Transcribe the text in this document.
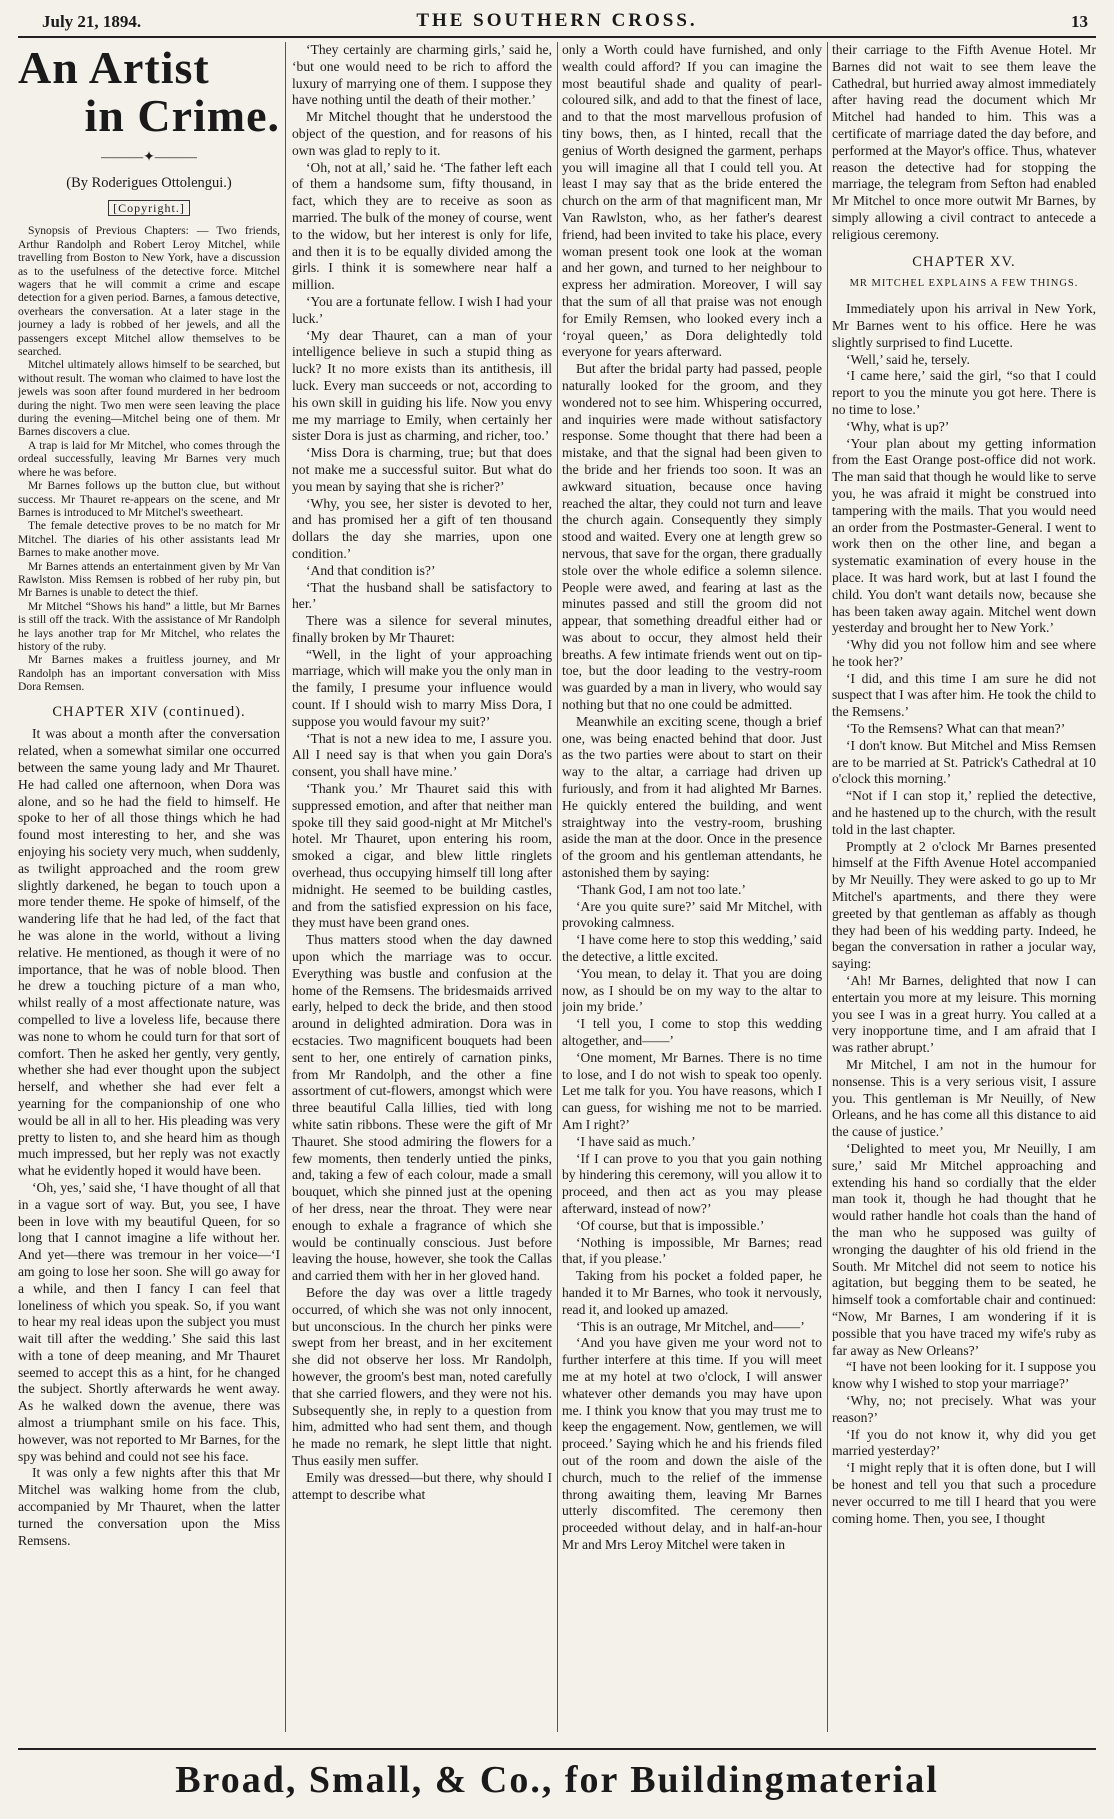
July 21, 1894.	THE SOUTHERN CROSS.	13
An Artist
in Crime.
———✦———
(By Roderigues Ottolengui.)
[Copyright.]

Synopsis of Previous Chapters: — Two friends, Arthur Randolph and Robert Leroy Mitchel, while travelling from Boston to New York, have a discussion as to the usefulness of the detective force. Mitchel wagers that he will commit a crime and escape detection for a given period. Barnes, a famous detective, overhears the conversation. At a later stage in the journey a lady is robbed of her jewels, and all the passengers except Mitchel allow themselves to be searched.

Mitchel ultimately allows himself to be searched, but without result. The woman who claimed to have lost the jewels was soon after found murdered in her bedroom during the night. Two men were seen leaving the place during the evening—Mitchel being one of them. Mr Barnes discovers a clue.

A trap is laid for Mr Mitchel, who comes through the ordeal successfully, leaving Mr Barnes very much where he was before.

Mr Barnes follows up the button clue, but without success. Mr Thauret re-appears on the scene, and Mr Barnes is introduced to Mr Mitchel's sweetheart.

The female detective proves to be no match for Mr Mitchel. The diaries of his other assistants lead Mr Barnes to make another move.

Mr Barnes attends an entertainment given by Mr Van Rawlston. Miss Remsen is robbed of her ruby pin, but Mr Barnes is unable to detect the thief.

Mr Mitchel “Shows his hand” a little, but Mr Barnes is still off the track. With the assistance of Mr Randolph he lays another trap for Mr Mitchel, who relates the history of the ruby.

Mr Barnes makes a fruitless journey, and Mr Randolph has an important conversation with Miss Dora Remsen.

CHAPTER XIV (continued).

It was about a month after the conversation related, when a somewhat similar one occurred between the same young lady and Mr Thauret. He had called one afternoon, when Dora was alone, and so he had the field to himself. He spoke to her of all those things which he had found most interesting to her, and she was enjoying his society very much, when suddenly, as twilight approached and the room grew slightly darkened, he began to touch upon a more tender theme. He spoke of himself, of the wandering life that he had led, of the fact that he was alone in the world, without a living relative. He mentioned, as though it were of no importance, that he was of noble blood. Then he drew a touching picture of a man who, whilst really of a most affectionate nature, was compelled to live a loveless life, because there was none to whom he could turn for that sort of comfort. Then he asked her gently, very gently, whether she had ever thought upon the subject herself, and whether she had ever felt a yearning for the companionship of one who would be all in all to her. His pleading was very pretty to listen to, and she heard him as though much impressed, but her reply was not exactly what he evidently hoped it would have been.

‘Oh, yes,’ said she, ‘I have thought of all that in a vague sort of way. But, you see, I have been in love with my beautiful Queen, for so long that I cannot imagine a life without her. And yet—there was tremour in her voice—‘I am going to lose her soon. She will go away for a while, and then I fancy I can feel that loneliness of which you speak. So, if you want to hear my real ideas upon the subject you must wait till after the wedding.’ She said this last with a tone of deep meaning, and Mr Thauret seemed to accept this as a hint, for he changed the subject. Shortly afterwards he went away. As he walked down the avenue, there was almost a triumphant smile on his face. This, however, was not reported to Mr Barnes, for the spy was behind and could not see his face.

It was only a few nights after this that Mr Mitchel was walking home from the club, accompanied by Mr Thauret, when the latter turned the conversation upon the Miss Remsens.

‘They certainly are charming girls,’ said he, ‘but one would need to be rich to afford the luxury of marrying one of them. I suppose they have nothing until the death of their mother.’

Mr Mitchel thought that he understood the object of the question, and for reasons of his own was glad to reply to it.

‘Oh, not at all,’ said he. ‘The father left each of them a handsome sum, fifty thousand, in fact, which they are to receive as soon as married. The bulk of the money of course, went to the widow, but her interest is only for life, and then it is to be equally divided among the girls. I think it is somewhere near half a million.

‘You are a fortunate fellow. I wish I had your luck.’

‘My dear Thauret, can a man of your intelligence believe in such a stupid thing as luck? It no more exists than its antithesis, ill luck. Every man succeeds or not, according to his own skill in guiding his life. Now you envy me my marriage to Emily, when certainly her sister Dora is just as charming, and richer, too.’

‘Miss Dora is charming, true; but that does not make me a successful suitor. But what do you mean by saying that she is richer?’

‘Why, you see, her sister is devoted to her, and has promised her a gift of ten thousand dollars the day she marries, upon one condition.’

‘And that condition is?’

‘That the husband shall be satisfactory to her.’

There was a silence for several minutes, finally broken by Mr Thauret:

“Well, in the light of your approaching marriage, which will make you the only man in the family, I presume your influence would count. If I should wish to marry Miss Dora, I suppose you would favour my suit?’

‘That is not a new idea to me, I assure you. All I need say is that when you gain Dora's consent, you shall have mine.’

‘Thank you.’ Mr Thauret said this with suppressed emotion, and after that neither man spoke till they said good-night at Mr Mitchel's hotel. Mr Thauret, upon entering his room, smoked a cigar, and blew little ringlets overhead, thus occupying himself till long after midnight. He seemed to be building castles, and from the satisfied expression on his face, they must have been grand ones.

Thus matters stood when the day dawned upon which the marriage was to occur. Everything was bustle and confusion at the home of the Remsens. The bridesmaids arrived early, helped to deck the bride, and then stood around in delighted admiration. Dora was in ecstacies. Two magnificent bouquets had been sent to her, one entirely of carnation pinks, from Mr Randolph, and the other a fine assortment of cut-flowers, amongst which were three beautiful Calla lillies, tied with long white satin ribbons. These were the gift of Mr Thauret. She stood admiring the flowers for a few moments, then tenderly untied the pinks, and, taking a few of each colour, made a small bouquet, which she pinned just at the opening of her dress, near the throat. They were near enough to exhale a fragrance of which she would be continually conscious. Just before leaving the house, however, she took the Callas and carried them with her in her gloved hand.

Before the day was over a little tragedy occurred, of which she was not only innocent, but unconscious. In the church her pinks were swept from her breast, and in her excitement she did not observe her loss. Mr Randolph, however, the groom's best man, noted carefully that she carried flowers, and they were not his. Subsequently she, in reply to a question from him, admitted who had sent them, and though he made no remark, he slept little that night. Thus easily men suffer.

Emily was dressed—but there, why should I attempt to describe what

only a Worth could have furnished, and only wealth could afford? If you can imagine the most beautiful shade and quality of pearl-coloured silk, and add to that the finest of lace, and to that the most marvellous profusion of tiny bows, then, as I hinted, recall that the genius of Worth designed the garment, perhaps you will imagine all that I could tell you. At least I may say that as the bride entered the church on the arm of that magnificent man, Mr Van Rawlston, who, as her father's dearest friend, had been invited to take his place, every woman present took one look at the woman and her gown, and turned to her neighbour to express her admiration. Moreover, I will say that the sum of all that praise was not enough for Emily Remsen, who looked every inch a ‘royal queen,’ as Dora delightedly told everyone for years afterward.

But after the bridal party had passed, people naturally looked for the groom, and they wondered not to see him. Whispering occurred, and inquiries were made without satisfactory response. Some thought that there had been a mistake, and that the signal had been given to the bride and her friends too soon. It was an awkward situation, because once having reached the altar, they could not turn and leave the church again. Consequently they simply stood and waited. Every one at length grew so nervous, that save for the organ, there gradually stole over the whole edifice a solemn silence. People were awed, and fearing at last as the minutes passed and still the groom did not appear, that something dreadful either had or was about to occur, they almost held their breaths. A few intimate friends went out on tip-toe, but the door leading to the vestry-room was guarded by a man in livery, who would say nothing but that no one could be admitted.

Meanwhile an exciting scene, though a brief one, was being enacted behind that door. Just as the two parties were about to start on their way to the altar, a carriage had driven up furiously, and from it had alighted Mr Barnes. He quickly entered the building, and went straightway into the vestry-room, brushing aside the man at the door. Once in the presence of the groom and his gentleman attendants, he astonished them by saying:

‘Thank God, I am not too late.’

‘Are you quite sure?’ said Mr Mitchel, with provoking calmness.

‘I have come here to stop this wedding,’ said the detective, a little excited.

‘You mean, to delay it. That you are doing now, as I should be on my way to the altar to join my bride.’

‘I tell you, I come to stop this wedding altogether, and——’

‘One moment, Mr Barnes. There is no time to lose, and I do not wish to speak too openly. Let me talk for you. You have reasons, which I can guess, for wishing me not to be married. Am I right?’

‘I have said as much.’

‘If I can prove to you that you gain nothing by hindering this ceremony, will you allow it to proceed, and then act as you may please afterward, instead of now?’

‘Of course, but that is impossible.’

‘Nothing is impossible, Mr Barnes; read that, if you please.’

Taking from his pocket a folded paper, he handed it to Mr Barnes, who took it nervously, read it, and looked up amazed.

‘This is an outrage, Mr Mitchel, and——’

‘And you have given me your word not to further interfere at this time. If you will meet me at my hotel at two o'clock, I will answer whatever other demands you may have upon me. I think you know that you may trust me to keep the engagement. Now, gentlemen, we will proceed.’ Saying which he and his friends filed out of the room and down the aisle of the church, much to the relief of the immense throng awaiting them, leaving Mr Barnes utterly discomfited. The ceremony then proceeded without delay, and in half-an-hour Mr and Mrs Leroy Mitchel were taken in

their carriage to the Fifth Avenue Hotel. Mr Barnes did not wait to see them leave the Cathedral, but hurried away almost immediately after having read the document which Mr Mitchel had handed to him. This was a certificate of marriage dated the day before, and performed at the Mayor's office. Thus, whatever reason the detective had for stopping the marriage, the telegram from Sefton had enabled Mr Mitchel to once more outwit Mr Barnes, by simply allowing a civil contract to antecede a religious ceremony.

CHAPTER XV.
MR MITCHEL EXPLAINS A FEW THINGS.

Immediately upon his arrival in New York, Mr Barnes went to his office. Here he was slightly surprised to find Lucette.

‘Well,’ said he, tersely.

‘I came here,’ said the girl, “so that I could report to you the minute you got here. There is no time to lose.’

‘Why, what is up?’

‘Your plan about my getting information from the East Orange post-office did not work. The man said that though he would like to serve you, he was afraid it might be construed into tampering with the mails. That you would need an order from the Postmaster-General. I went to work then on the other line, and began a systematic examination of every house in the place. It was hard work, but at last I found the child. You don't want details now, because she has been taken away again. Mitchel went down yesterday and brought her to New York.’

‘Why did you not follow him and see where he took her?’

‘I did, and this time I am sure he did not suspect that I was after him. He took the child to the Remsens.’

‘To the Remsens? What can that mean?’

‘I don't know. But Mitchel and Miss Remsen are to be married at St. Patrick's Cathedral at 10 o'clock this morning.’

“Not if I can stop it,’ replied the detective, and he hastened up to the church, with the result told in the last chapter.

Promptly at 2 o'clock Mr Barnes presented himself at the Fifth Avenue Hotel accompanied by Mr Neuilly. They were asked to go up to Mr Mitchel's apartments, and there they were greeted by that gentleman as affably as though they had been of his wedding party. Indeed, he began the conversation in rather a jocular way, saying:

‘Ah! Mr Barnes, delighted that now I can entertain you more at my leisure. This morning you see I was in a great hurry. You called at a very inopportune time, and I am afraid that I was rather abrupt.’

Mr Mitchel, I am not in the humour for nonsense. This is a very serious visit, I assure you. This gentleman is Mr Neuilly, of New Orleans, and he has come all this distance to aid the cause of justice.’

‘Delighted to meet you, Mr Neuilly, I am sure,’ said Mr Mitchel approaching and extending his hand so cordially that the elder man took it, though he had thought that he would rather handle hot coals than the hand of the man who he supposed was guilty of wronging the daughter of his old friend in the South. Mr Mitchel did not seem to notice his agitation, but begging them to be seated, he himself took a comfortable chair and continued: “Now, Mr Barnes, I am wondering if it is possible that you have traced my wife's ruby as far away as New Orleans?’

“I have not been looking for it. I suppose you know why I wished to stop your marriage?’

‘Why, no; not precisely. What was your reason?’

‘If you do not know it, why did you get married yesterday?’

‘I might reply that it is often done, but I will be honest and tell you that such a procedure never occurred to me till I heard that you were coming home. Then, you see, I thought

Broad, Small, & Co., for Buildingmaterial
